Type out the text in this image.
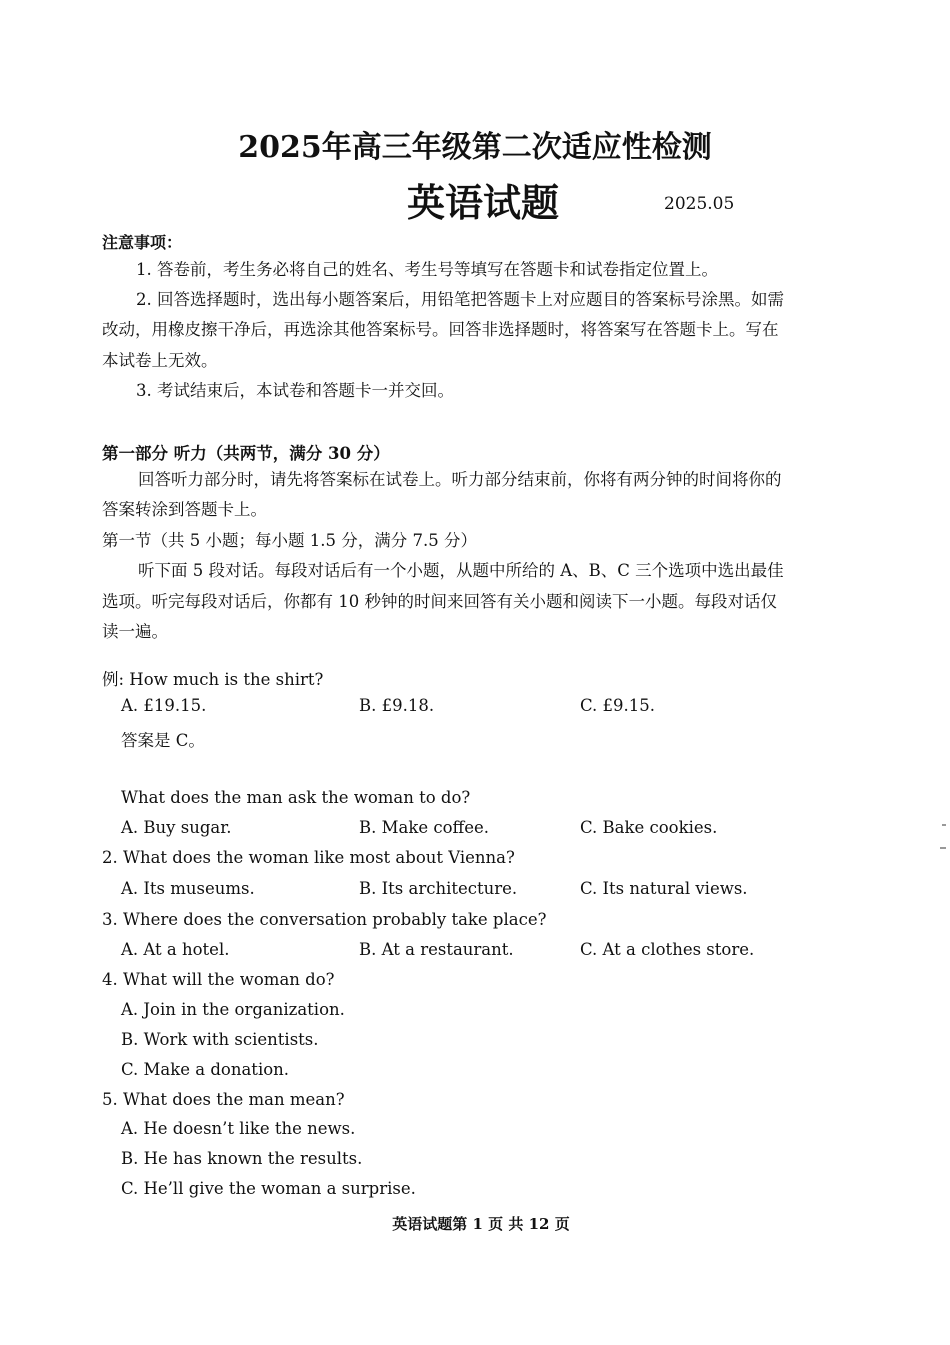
2025年高三年级第二次适应性检测
英语试题	2025.05
注意事项：
1. 答卷前，考生务必将自己的姓名、考生号等填写在答题卡和试卷指定位置上。
2. 回答选择题时，选出每小题答案后，用铅笔把答题卡上对应题目的答案标号涂黑。如需
改动，用橡皮擦干净后，再选涂其他答案标号。回答非选择题时，将答案写在答题卡上。写在
本试卷上无效。
3. 考试结束后，本试卷和答题卡一并交回。
第一部分 听力（共两节，满分 30 分）
回答听力部分时，请先将答案标在试卷上。听力部分结束前，你将有两分钟的时间将你的
答案转涂到答题卡上。
第一节（共 5 小题；每小题 1.5 分，满分 7.5 分）
听下面 5 段对话。每段对话后有一个小题，从题中所给的 A、B、C 三个选项中选出最佳
选项。听完每段对话后，你都有 10 秒钟的时间来回答有关小题和阅读下一小题。每段对话仅
读一遍。
例: How much is the shirt?
A. £19.15.	B. £9.18.	C. £9.15.
答案是 C。
What does the man ask the woman to do?
A. Buy sugar.	B. Make coffee.	C. Bake cookies.
2. What does the woman like most about Vienna?
A. Its museums.	B. Its architecture.	C. Its natural views.
3. Where does the conversation probably take place?
A. At a hotel.	B. At a restaurant.	C. At a clothes store.
4. What will the woman do?
A. Join in the organization.
B. Work with scientists.
C. Make a donation.
5. What does the man mean?
A. He doesn’t like the news.
B. He has known the results.
C. He’ll give the woman a surprise.
英语试题第 1 页 共 12 页
